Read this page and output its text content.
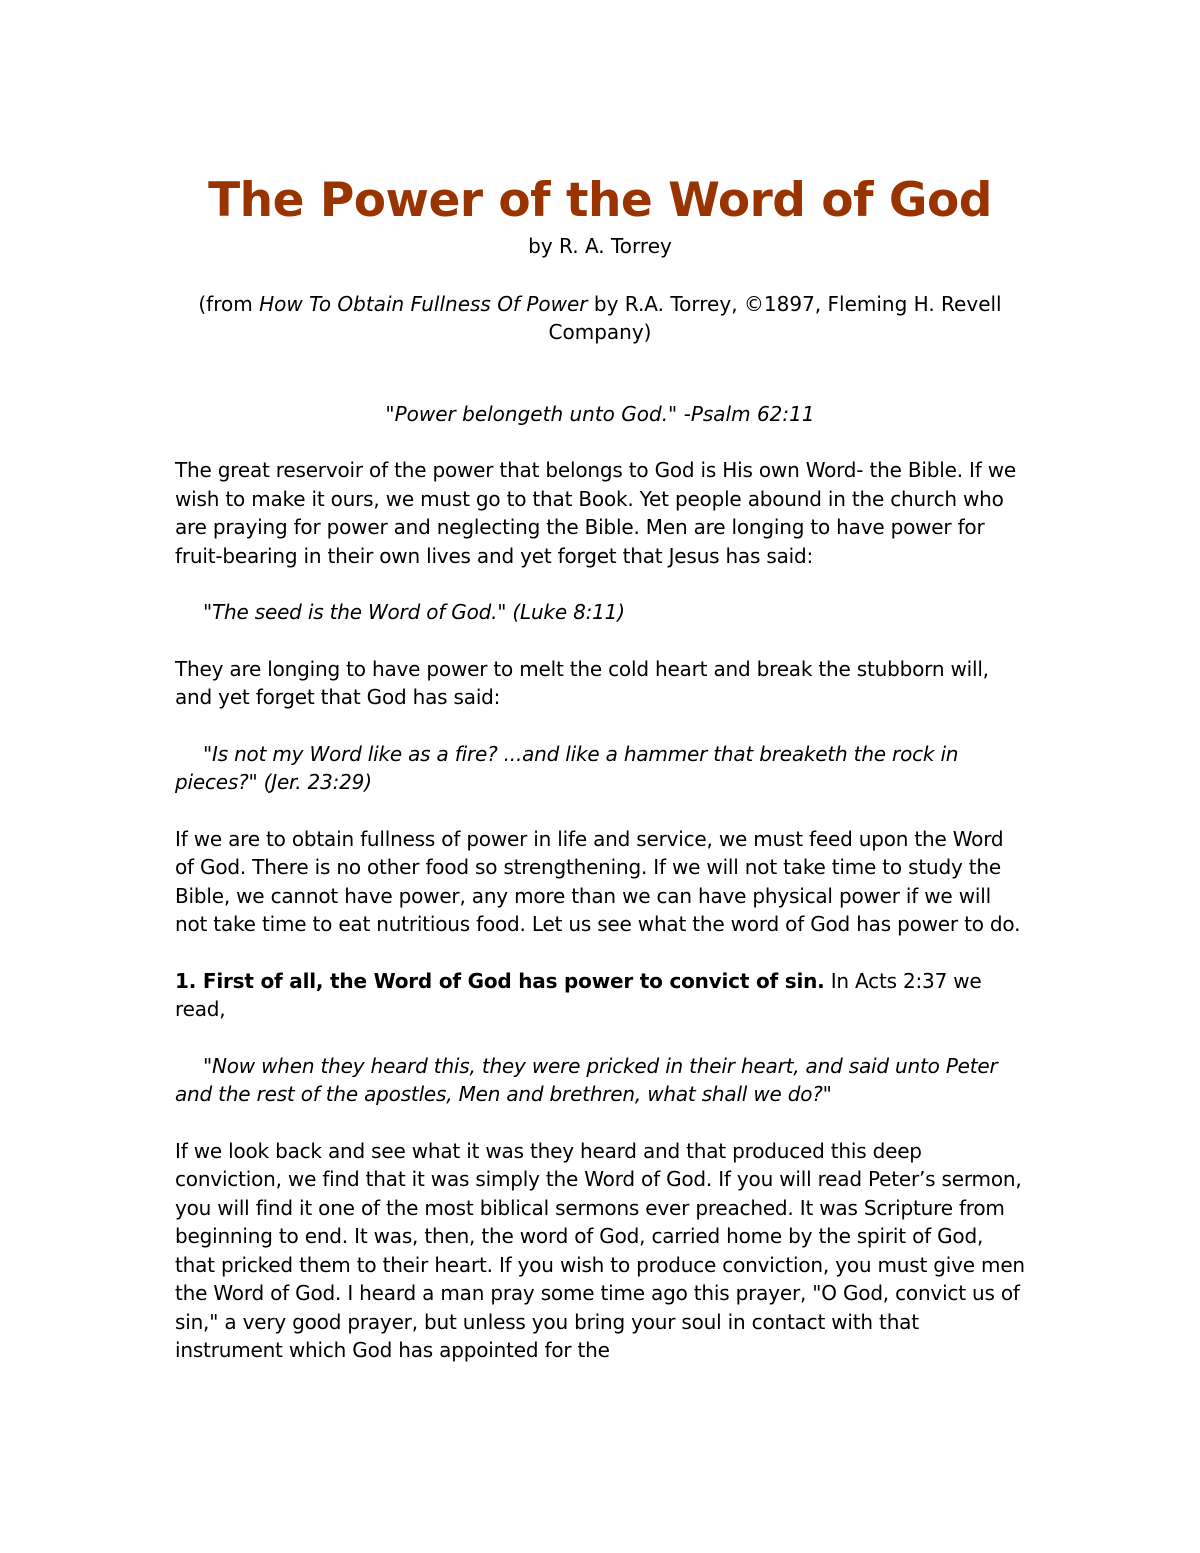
The Power of the Word of God
by R. A. Torrey
(from How To Obtain Fullness Of Power by R.A. Torrey, ©1897, Fleming H. Revell Company)
"Power belongeth unto God." -Psalm 62:11

The great reservoir of the power that belongs to God is His own Word- the Bible. If we wish to make it ours, we must go to that Book. Yet people abound in the church who are praying for power and neglecting the Bible. Men are longing to have power for fruit-bearing in their own lives and yet forget that Jesus has said:

"The seed is the Word of God." (Luke 8:11)

They are longing to have power to melt the cold heart and break the stubborn will, and yet forget that God has said:

"Is not my Word like as a fire? ...and like a hammer that breaketh the rock in pieces?" (Jer. 23:29)

If we are to obtain fullness of power in life and service, we must feed upon the Word of God. There is no other food so strengthening. If we will not take time to study the Bible, we cannot have power, any more than we can have physical power if we will not take time to eat nutritious food. Let us see what the word of God has power to do.

1. First of all, the Word of God has power to convict of sin. In Acts 2:37 we read,

"Now when they heard this, they were pricked in their heart, and said unto Peter and the rest of the apostles, Men and brethren, what shall we do?"

If we look back and see what it was they heard and that produced this deep conviction, we find that it was simply the Word of God. If you will read Peter’s sermon, you will find it one of the most biblical sermons ever preached. It was Scripture from beginning to end. It was, then, the word of God, carried home by the spirit of God, that pricked them to their heart. If you wish to produce conviction, you must give men the Word of God. I heard a man pray some time ago this prayer, "O God, convict us of sin," a very good prayer, but unless you bring your soul in contact with that instrument which God has appointed for the
